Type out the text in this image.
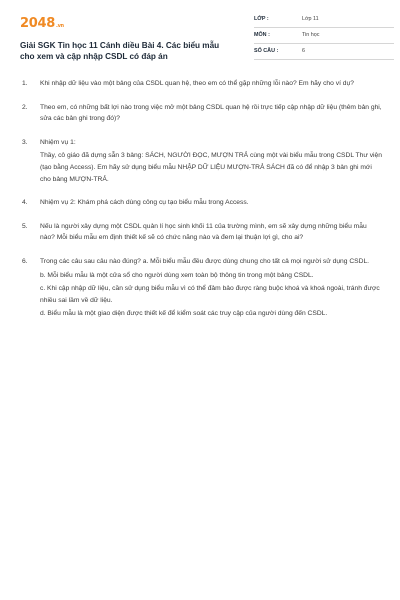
2048.vn
Giải SGK Tin học 11 Cánh diều Bài 4. Các biểu mẫu cho xem và cập nhập CSDL có đáp án
LỚP :	Lớp 11
MÔN :	Tin học
SỐ CÂU :	6
1. Khi nhập dữ liệu vào một bảng của CSDL quan hệ, theo em có thể gặp những lỗi nào? Em hãy cho ví dụ?

2. Theo em, có những bất lợi nào trong việc mở một bảng CSDL quan hệ rồi trực tiếp cập nhập dữ liệu (thêm bản ghi, sửa các bản ghi trong đó)?

3. Nhiệm vụ 1:

Thầy, cô giáo đã dựng sẵn 3 bảng: SÁCH, NGƯỜI ĐỌC, MƯỢN TRẢ cùng một vài biểu mẫu trong CSDL Thư viện (tạo bằng Access). Em hãy sử dụng biểu mẫu NHẬP DỮ LIỆU MƯỢN-TRẢ SÁCH đã có để nhập 3 bản ghi mới cho bảng MƯỢN-TRẢ.

4. Nhiệm vụ 2: Khám phá cách dùng công cụ tạo biểu mẫu trong Access.

5. Nếu là người xây dựng một CSDL quản lí học sinh khối 11 của trường mình, em sẽ xây dựng những biểu mẫu nào? Mỗi biểu mẫu em định thiết kế sẽ có chức năng nào và đem lại thuận lợi gì, cho ai?

6. Trong các câu sau câu nào đúng? a. Mỗi biểu mẫu đều được dùng chung cho tất cả mọi người sử dụng CSDL.

b. Mỗi biểu mẫu là một cửa sổ cho người dùng xem toàn bộ thông tin trong một bảng CSDL.

c. Khi cập nhập dữ liệu, cần sử dụng biểu mẫu vì có thể đảm bảo được ràng buộc khoá và khoá ngoài, tránh được nhiều sai lầm về dữ liệu.

d. Biểu mẫu là một giao diện được thiết kế để kiểm soát các truy cập của người dùng đến CSDL.
